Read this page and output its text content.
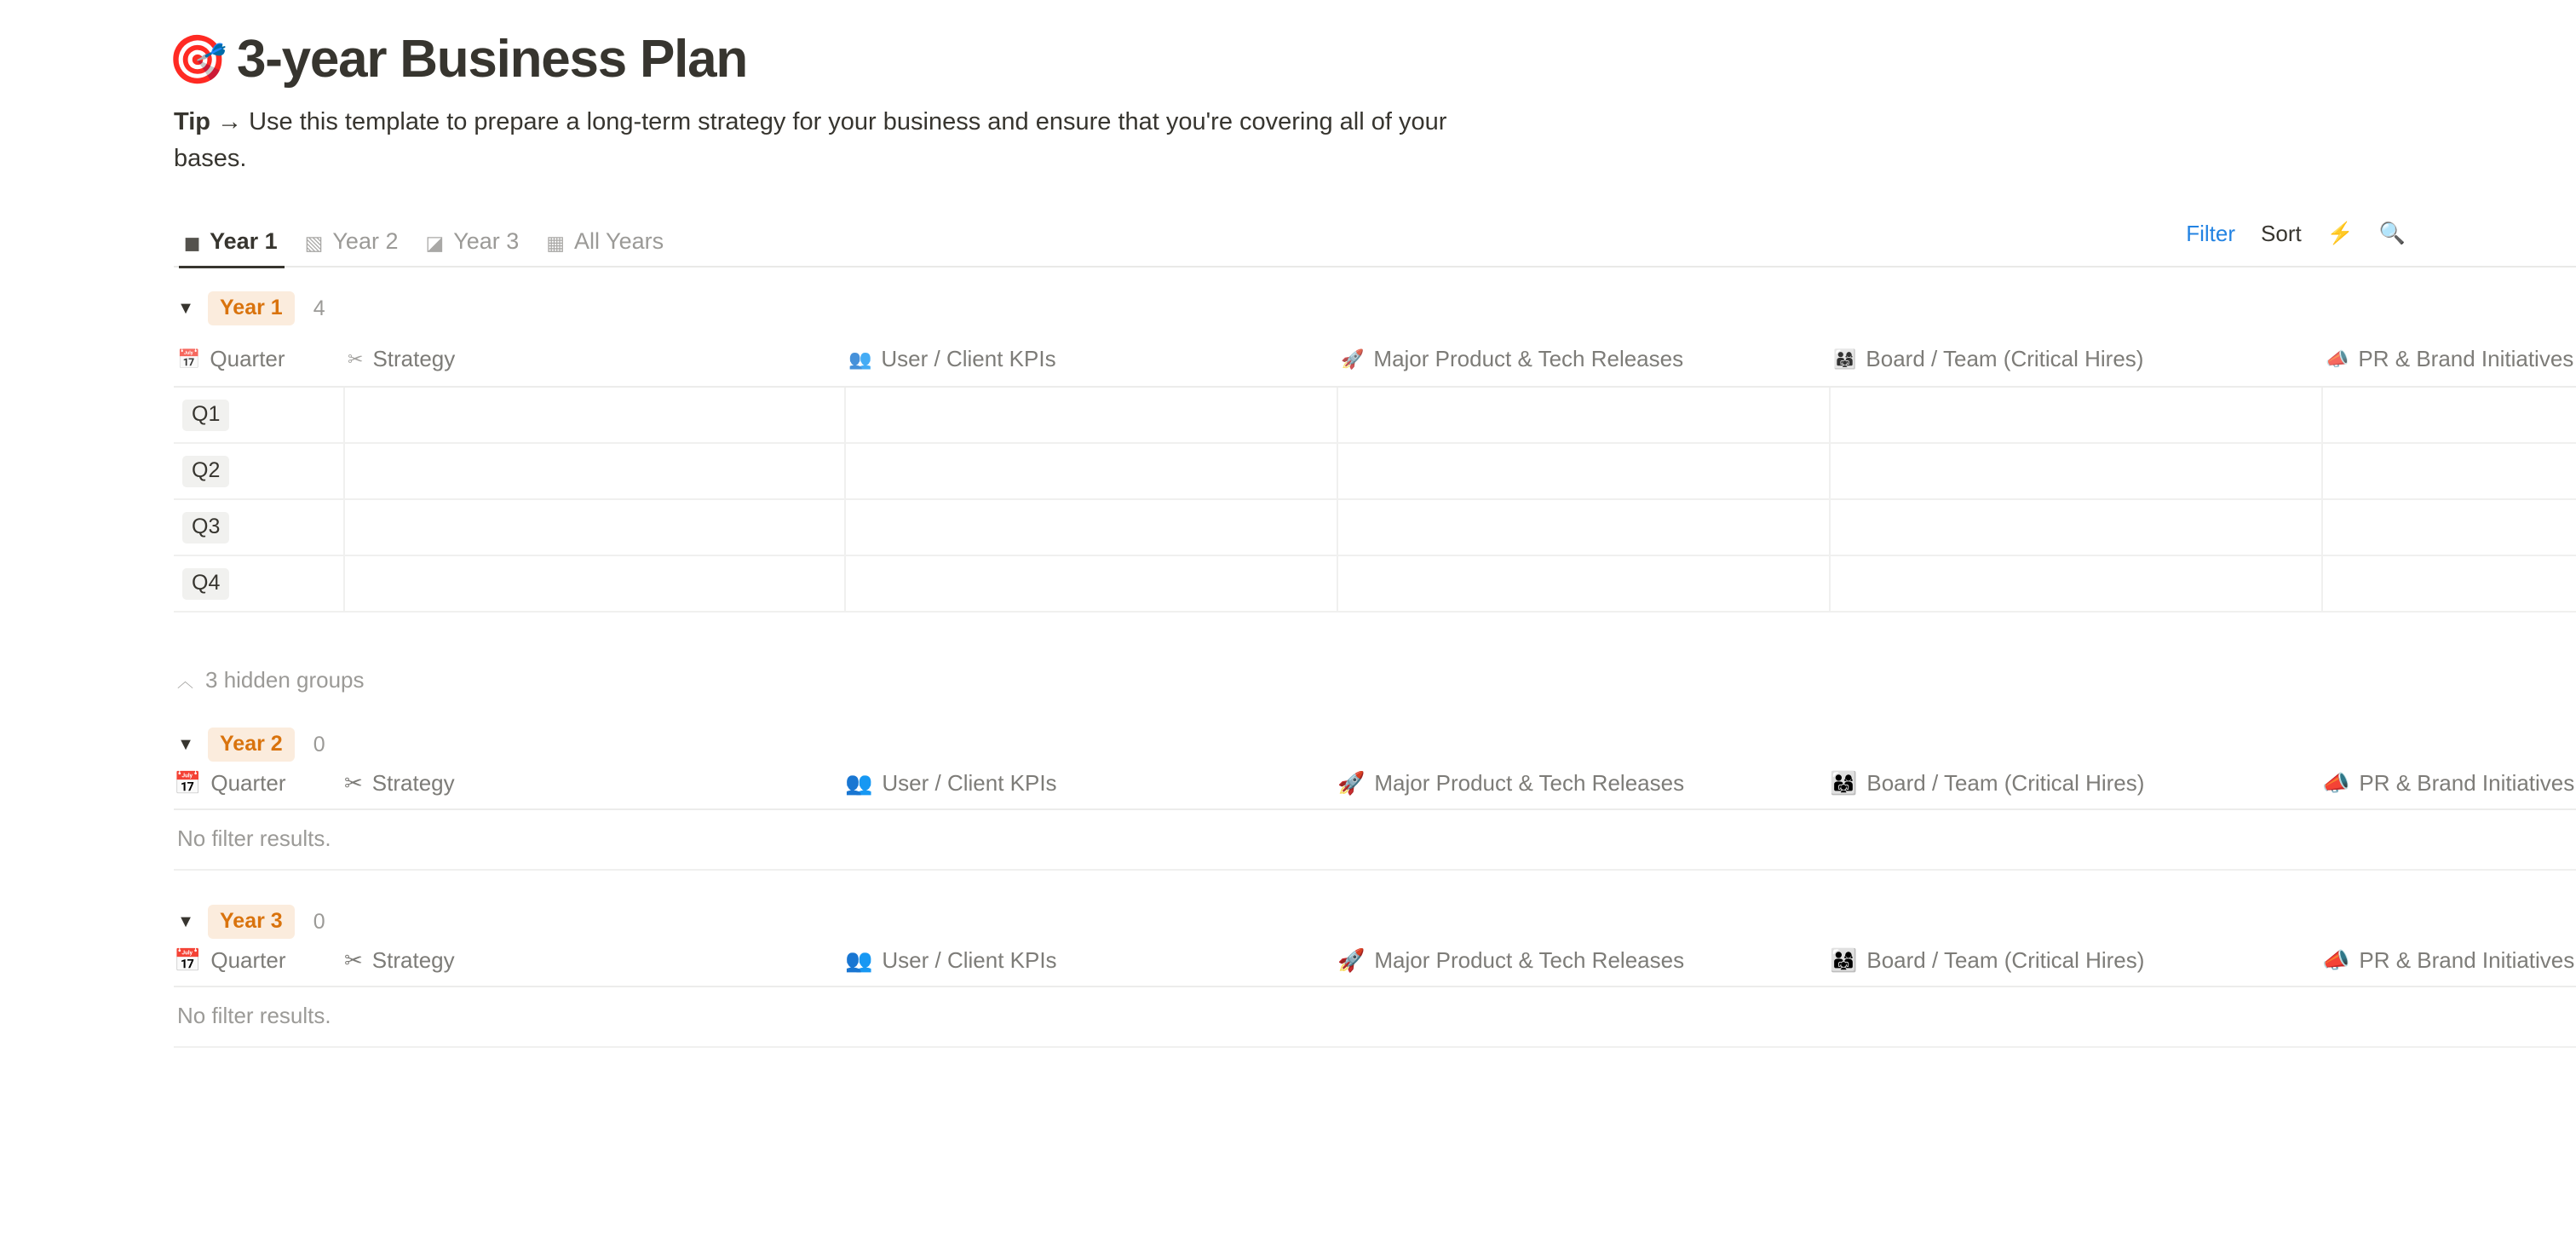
🎯 3-year Business Plan
Tip → Use this template to prepare a long-term strategy for your business and ensure that you're covering all of your bases.
◼ Year 1 ▧ Year 2 ◪ Year 3 ▦ All Years	Filter Sort ⚡ 🔍
▼	Year 1	4
📅 Quarter	✂ Strategy	👥 User / Client KPIs	🚀 Major Product & Tech Releases	👨‍👩‍👧 Board / Team (Critical Hires)	📣 PR & Brand Initiatives

Q1					
Q2					
Q3					
Q4					
︿ 3 hidden groups
▼	Year 2	0
📅 Quarter	✂ Strategy	👥 User / Client KPIs	🚀 Major Product & Tech Releases	👨‍👩‍👧 Board / Team (Critical Hires)	📣 PR & Brand Initiatives
No filter results.
▼	Year 3	0
📅 Quarter	✂ Strategy	👥 User / Client KPIs	🚀 Major Product & Tech Releases	👨‍👩‍👧 Board / Team (Critical Hires)	📣 PR & Brand Initiatives
No filter results.
